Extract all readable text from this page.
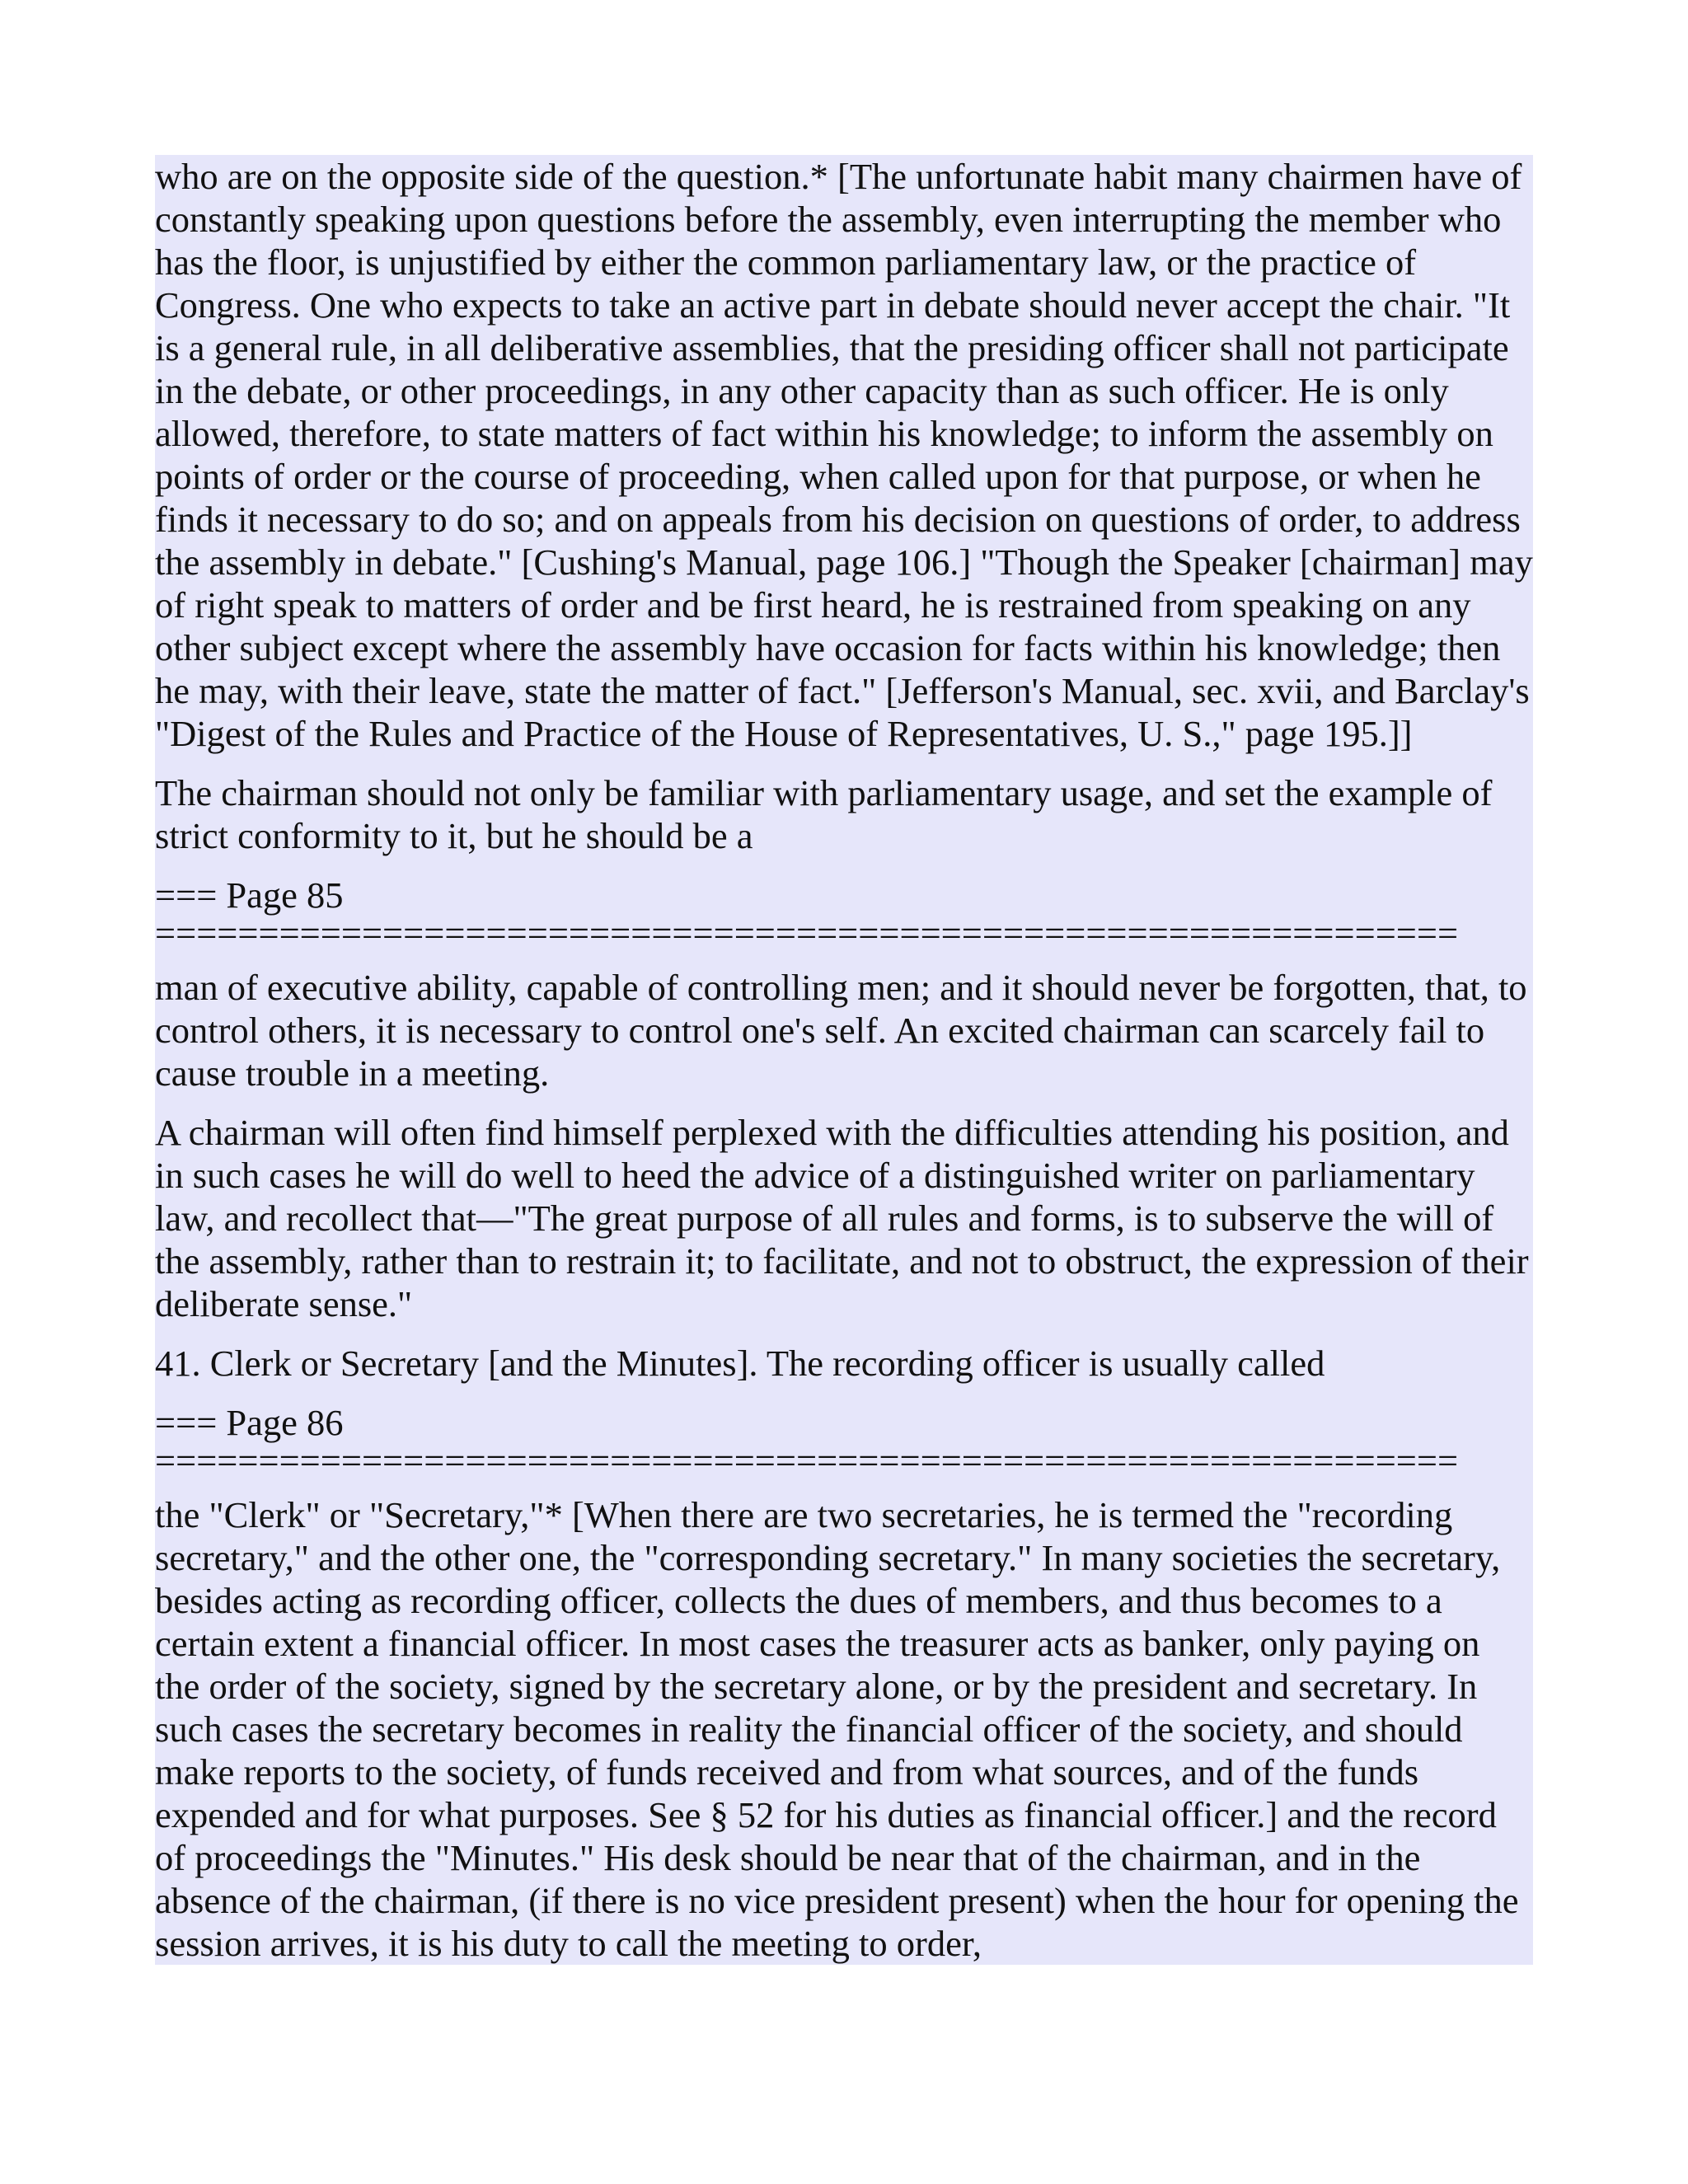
who are on the opposite side of the question.* [The unfortunate habit many chairmen have of constantly speaking upon questions before the assembly, even interrupting the member who has the floor, is unjustified by either the common parliamentary law, or the practice of Congress. One who expects to take an active part in debate should never accept the chair. "It is a general rule, in all deliberative assemblies, that the presiding officer shall not participate in the debate, or other proceedings, in any other capacity than as such officer. He is only allowed, therefore, to state matters of fact within his knowledge; to inform the assembly on points of order or the course of proceeding, when called upon for that purpose, or when he finds it necessary to do so; and on appeals from his decision on questions of order, to address the assembly in debate." [Cushing's Manual, page 106.] "Though the Speaker [chairman] may of right speak to matters of order and be first heard, he is restrained from speaking on any other subject except where the assembly have occasion for facts within his knowledge; then he may, with their leave, state the matter of fact." [Jefferson's Manual, sec. xvii, and Barclay's "Digest of the Rules and Practice of the House of Representatives, U. S.," page 195.]]

The chairman should not only be familiar with parliamentary usage, and set the example of strict conformity to it, but he should be a

=== Page 85
===============================================================

man of executive ability, capable of controlling men; and it should never be forgotten, that, to control others, it is necessary to control one's self. An excited chairman can scarcely fail to cause trouble in a meeting.

A chairman will often find himself perplexed with the difficulties attending his position, and in such cases he will do well to heed the advice of a distinguished writer on parliamentary law, and recollect that—"The great purpose of all rules and forms, is to subserve the will of the assembly, rather than to restrain it; to facilitate, and not to obstruct, the expression of their deliberate sense."

41. Clerk or Secretary [and the Minutes]. The recording officer is usually called

=== Page 86
===============================================================

the "Clerk" or "Secretary,"* [When there are two secretaries, he is termed the "recording secretary," and the other one, the "corresponding secretary." In many societies the secretary, besides acting as recording officer, collects the dues of members, and thus becomes to a certain extent a financial officer. In most cases the treasurer acts as banker, only paying on the order of the society, signed by the secretary alone, or by the president and secretary. In such cases the secretary becomes in reality the financial officer of the society, and should make reports to the society, of funds received and from what sources, and of the funds expended and for what purposes. See § 52 for his duties as financial officer.] and the record of proceedings the "Minutes." His desk should be near that of the chairman, and in the absence of the chairman, (if there is no vice president present) when the hour for opening the session arrives, it is his duty to call the meeting to order,
